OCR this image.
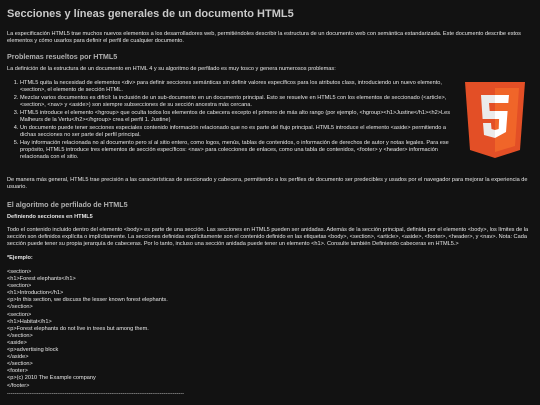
Secciones y líneas generales de un documento HTML5

La especificación HTML5 trae muchos nuevos elementos a los desarrolladores web, permitiéndoles describir la estructura de un documento web con semántica estandarizada. Este documento describe estos elementos y cómo usarlos para definir el perfil de cualquier documento.

Problemas resueltos por HTML5

La definición de la estructura de un documento en HTML 4 y su algoritmo de perfilado es muy tosco y genera numerosos problemas:

1. HTML5 quita la necesidad de elementos <div> para definir secciones semánticas sin definir valores específicos para los atributos class, introduciendo un nuevo elemento, <section>, el elemento de sección HTML.
2. Mezclar varios documentos es difícil: la inclusión de un sub-documento en un documento principal. Esto se resuelve en HTML5 con los elementos de seccionado (<article>, <section>, <nav> y <aside>) son siempre subsecciones de su sección ancestra más cercana.
3. HTML5 introduce el elemento <hgroup> que oculta todos los elementos de cabecera excepto el primero de más alto rango (por ejemplo, <hgroup><h1>Justine</h1><h2>Les Malheurs de la Vertu</h2></hgroup> crea el perfil 1. Justine)
4. Un documento puede tener secciones especiales contenido información relacionado que no es parte del flujo principal. HTML5 introduce el elemento <aside> permitiendo a dichas secciones no ser parte del perfil principal.
5. Hay información relacionada no al documento pero sí al sitio entero, como logos, menús, tablas de contenidos, o información de derechos de autor y notas legales. Para ese propósito, HTML5 introduce tres elementos de sección específicos: <nav> para colecciones de enlaces, como una tabla de contenidos, <footer> y <header> información relacionada con el sitio.

De manera más general, HTML5 trae precisión a las características de seccionado y cabecera, permitiendo a los perfiles de documento ser predecibles y usados por el navegador para mejorar la experiencia de usuario.

El algoritmo de perfilado de HTML5
Definiendo secciones en HTML5

Todo el contenido incluido dentro del elemento <body> es parte de una sección. Las secciones en HTML5 pueden ser anidadas. Además de la sección principal, definida por el elemento <body>, los límites de la sección son definidos explícita o implícitamente. La secciones definidas explícitamente son el contenido definido en las etiquetas <body>, <section>, <article>, <aside>, <footer>, <header>, y <nav>. Nota: Cada sección puede tener su propia jerarquía de cabeceras. Por lo tanto, incluso una sección anidada puede tener un elemento <h1>. Consulte también Definiendo cabeceras en HTML5.>

*Ejemplo:
<section>
<h1>Forest elephants</h1>
<section>
<h1>Introduction</h1>
<p>In this section, we discuss the lesser known forest elephants.
</section>
<section>
<h1>Habitat</h1>
<p>Forest elephants do not live in trees but among them.
</section>
<aside>
<p>advertising block
</aside>
</section>
<footer>
<p>(c) 2010 The Example company
</footer>
-----------------------------------------------------------------------------------------------
